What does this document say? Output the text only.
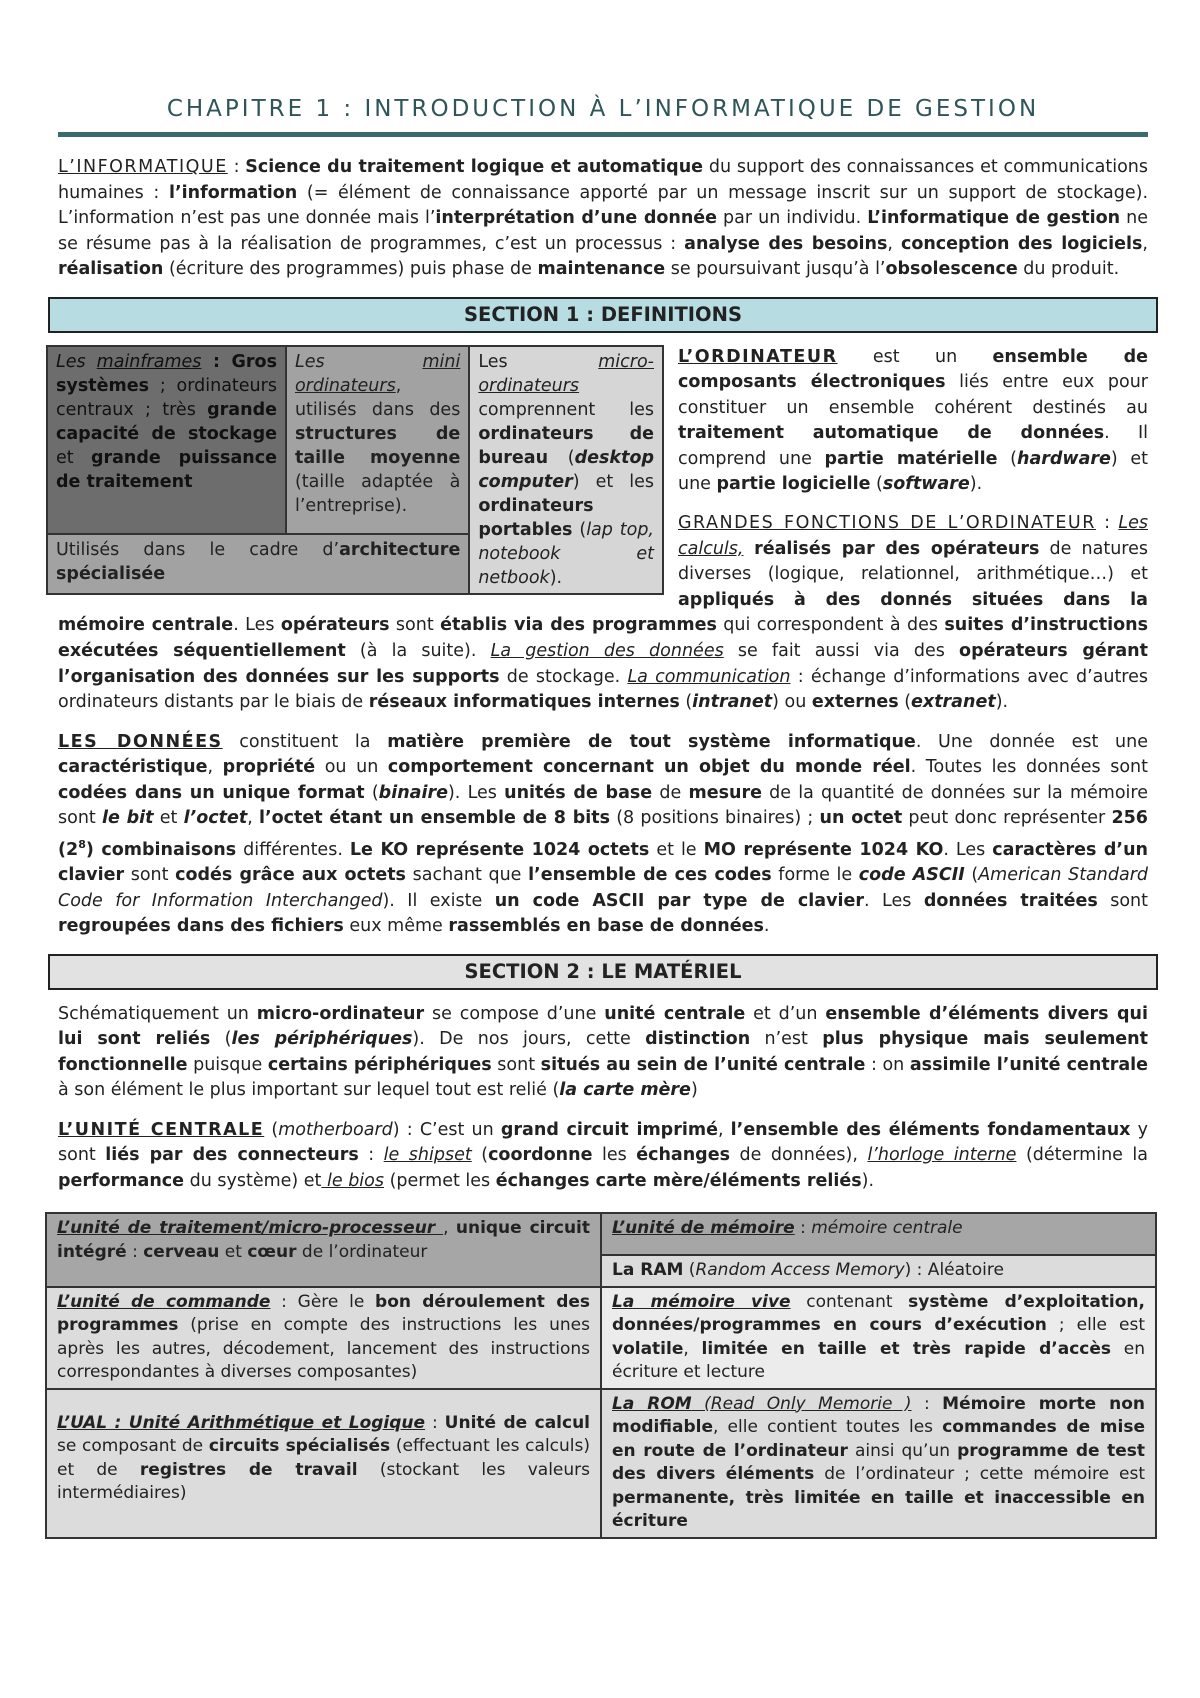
CHAPITRE 1 : INTRODUCTION À L’INFORMATIQUE DE GESTION

L’INFORMATIQUE : Science du traitement logique et automatique du support des connaissances et communications humaines : l’information (= élément de connaissance apporté par un message inscrit sur un support de stockage). L’information n’est pas une donnée mais l’interprétation d’une donnée par un individu. L’informatique de gestion ne se résume pas à la réalisation de programmes, c’est un processus : analyse des besoins, conception des logiciels, réalisation (écriture des programmes) puis phase de maintenance se poursuivant jusqu’à l’obsolescence du produit.

SECTION 1 : DEFINITIONS
Les mainframes : Gros systèmes ; ordinateurs centraux ; très grande capacité de stockage et grande puissance de traitement	Les mini ordinateurs, utilisés dans des structures de taille moyenne (taille adaptée à l’entreprise).	Les micro-ordinateurs comprennent les ordinateurs de bureau (desktop computer) et les ordinateurs portables (lap top, notebook et netbook).
Utilisés dans le cadre d’architecture spécialisée

L’ORDINATEUR est un ensemble de composants électroniques liés entre eux pour constituer un ensemble cohérent destinés au traitement automatique de données. Il comprend une partie matérielle (hardware) et une partie logicielle (software).

GRANDES FONCTIONS DE L’ORDINATEUR : Les calculs, réalisés par des opérateurs de natures diverses (logique, relationnel, arithmétique…) et appliqués à des donnés situées dans la mémoire centrale. Les opérateurs sont établis via des programmes qui correspondent à des suites d’instructions exécutées séquentiellement (à la suite). La gestion des données se fait aussi via des opérateurs gérant l’organisation des données sur les supports de stockage. La communication : échange d’informations avec d’autres ordinateurs distants par le biais de réseaux informatiques internes (intranet) ou externes (extranet).

LES DONNÉES constituent la matière première de tout système informatique. Une donnée est une caractéristique, propriété ou un comportement concernant un objet du monde réel. Toutes les données sont codées dans un unique format (binaire). Les unités de base de mesure de la quantité de données sur la mémoire sont le bit et l’octet, l’octet étant un ensemble de 8 bits (8 positions binaires) ; un octet peut donc représenter 256 $(2^8)$ combinaisons différentes. Le KO représente 1024 octets et le MO représente 1024 KO. Les caractères d’un clavier sont codés grâce aux octets sachant que l’ensemble de ces codes forme le code ASCII (American Standard Code for Information Interchanged). Il existe un code ASCII par type de clavier. Les données traitées sont regroupées dans des fichiers eux même rassemblés en base de données.

SECTION 2 : LE MATÉRIEL

Schématiquement un micro-ordinateur se compose d’une unité centrale et d’un ensemble d’éléments divers qui lui sont reliés (les périphériques). De nos jours, cette distinction n’est plus physique mais seulement fonctionnelle puisque certains périphériques sont situés au sein de l’unité centrale : on assimile l’unité centrale à son élément le plus important sur lequel tout est relié (la carte mère)

L’UNITÉ CENTRALE (motherboard) : C’est un grand circuit imprimé, l’ensemble des éléments fondamentaux y sont liés par des connecteurs : le shipset (coordonne les échanges de données), l’horloge interne (détermine la performance du système) et le bios (permet les échanges carte mère/éléments reliés).

L’unité de traitement/micro-processeur , unique circuit intégré : cerveau et cœur de l’ordinateur	L’unité de mémoire : mémoire centrale
	La RAM (Random Access Memory) : Aléatoire
L’unité de commande : Gère le bon déroulement des programmes (prise en compte des instructions les unes après les autres, décodement, lancement des instructions correspondantes à diverses composantes)	La mémoire vive contenant système d’exploitation, données/programmes en cours d’exécution ; elle est volatile, limitée en taille et très rapide d’accès en écriture et lecture
L’UAL : Unité Arithmétique et Logique : Unité de calcul se composant de circuits spécialisés (effectuant les calculs) et de registres de travail (stockant les valeurs intermédiaires)	La ROM (Read Only Memorie ) : Mémoire morte non modifiable, elle contient toutes les commandes de mise en route de l’ordinateur ainsi qu’un programme de test des divers éléments de l’ordinateur ; cette mémoire est permanente, très limitée en taille et inaccessible en écriture
